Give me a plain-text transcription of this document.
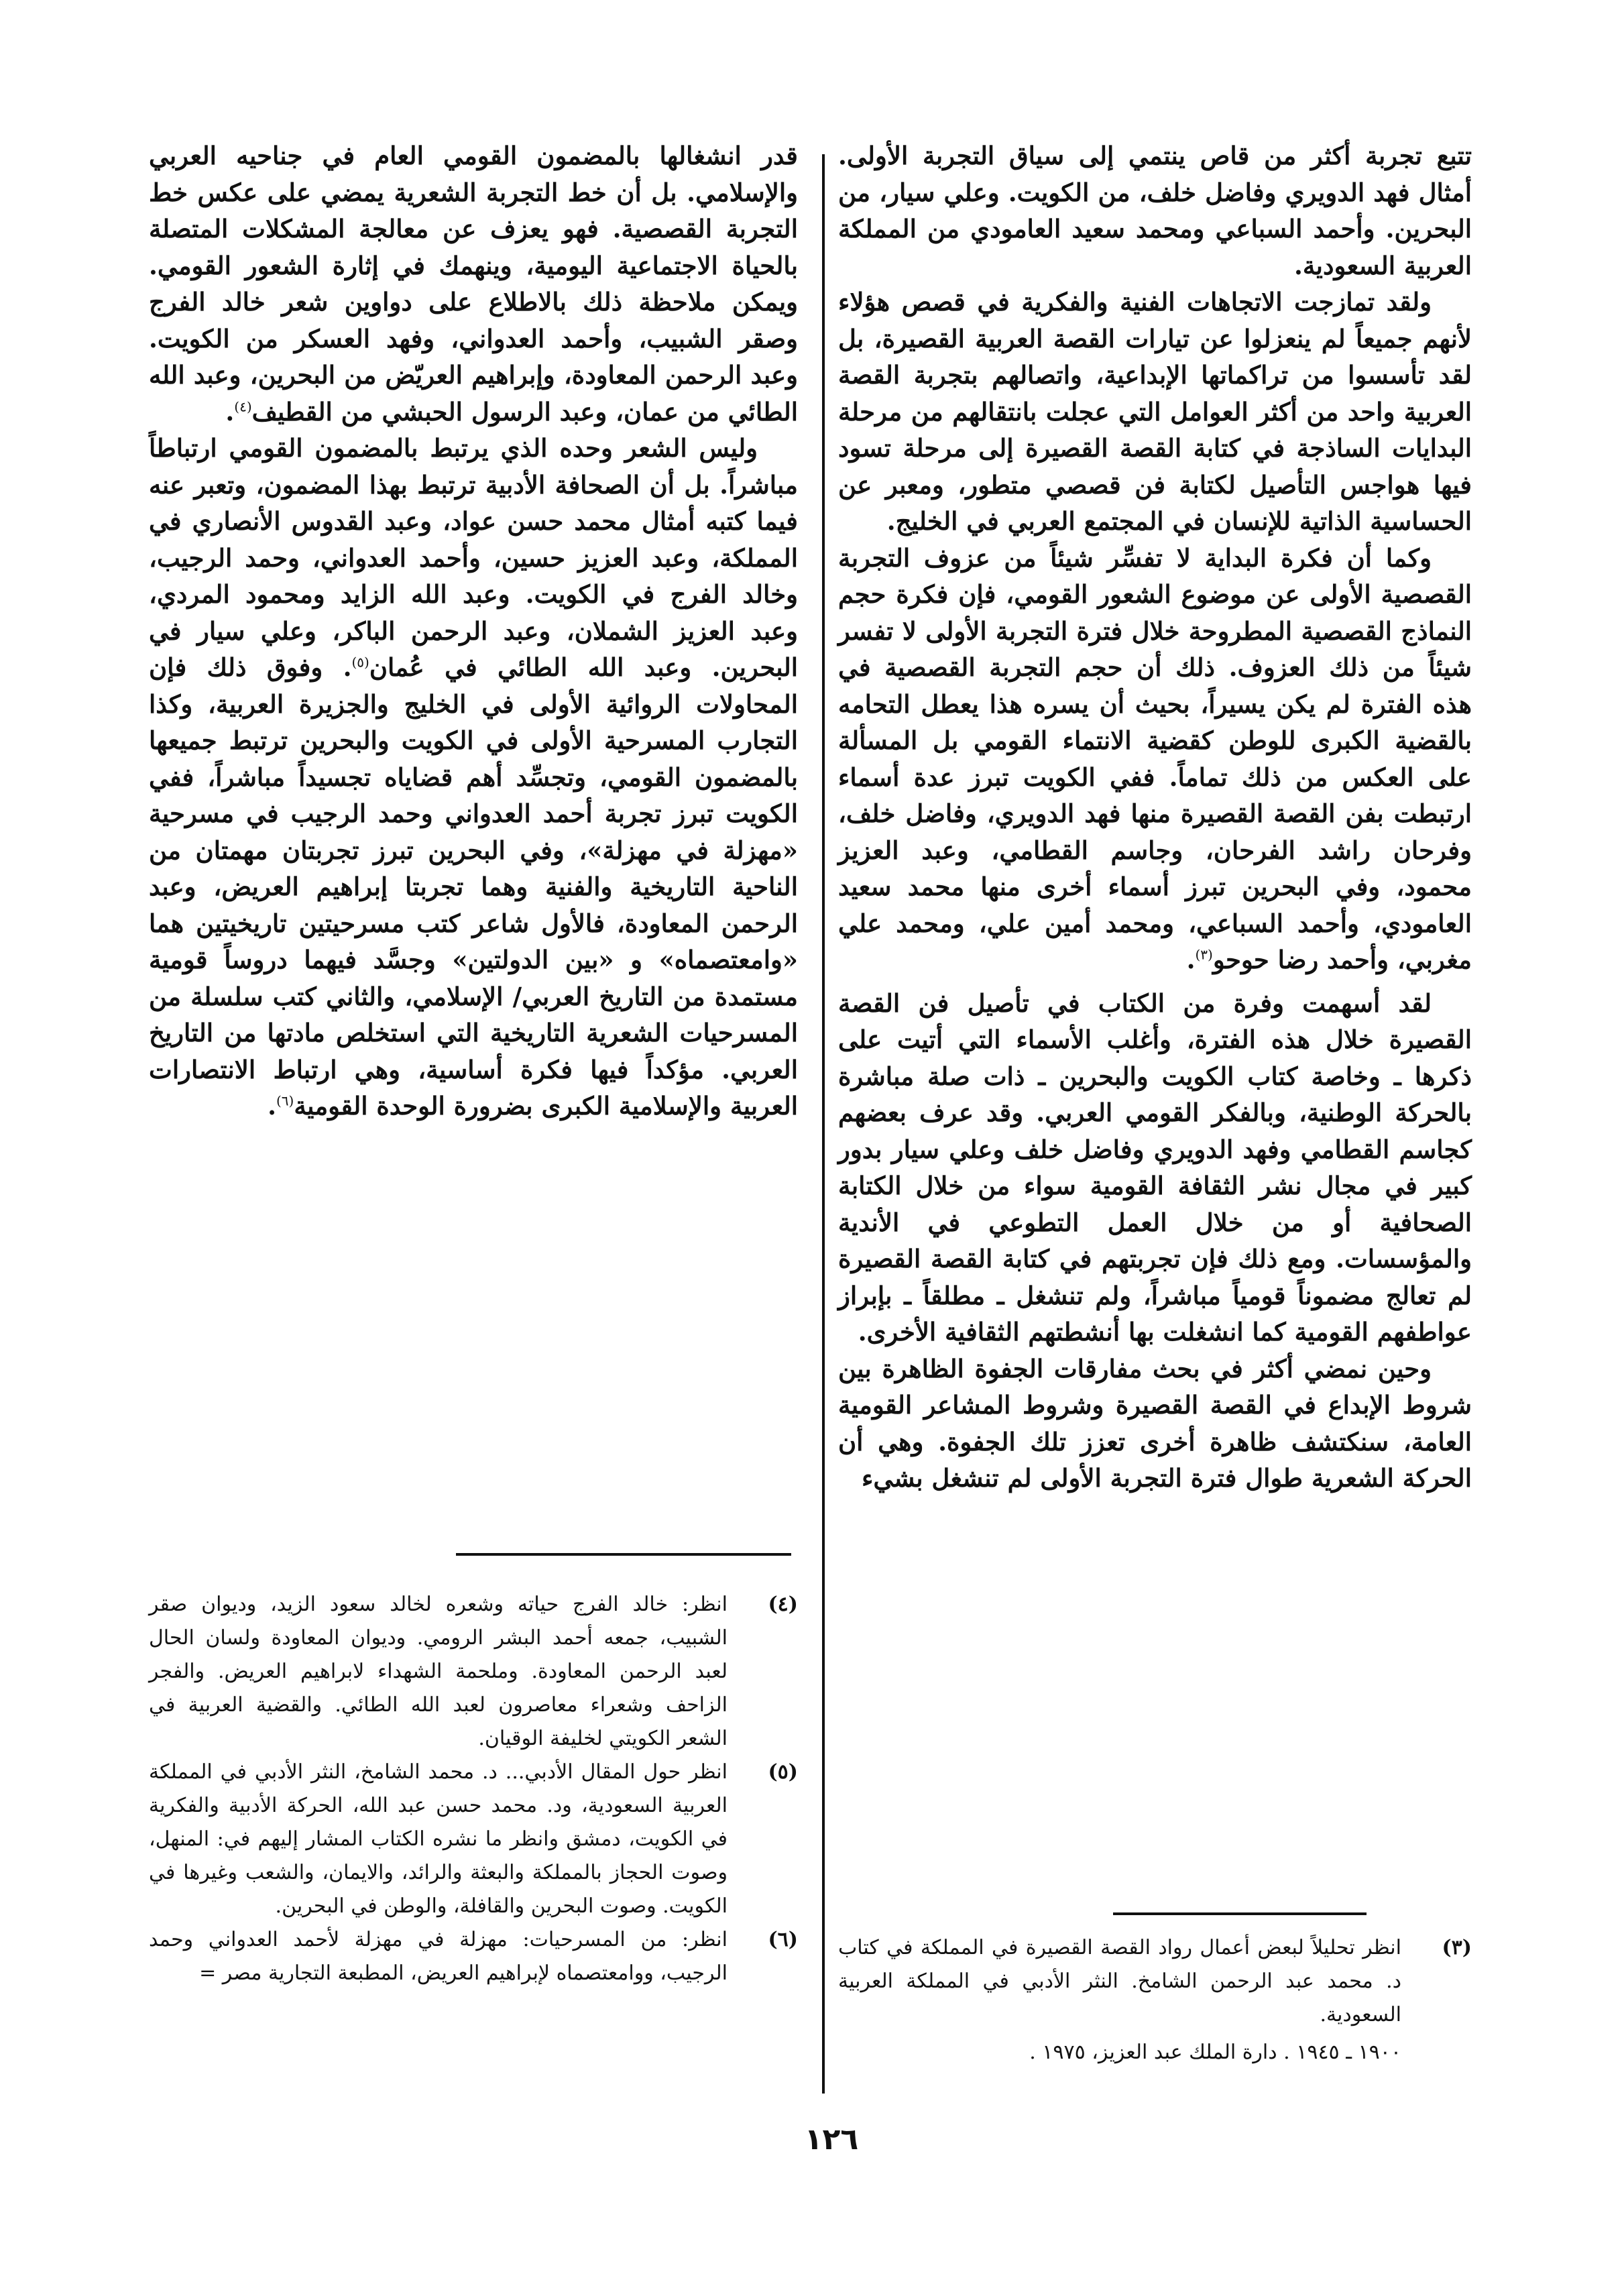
تتبع تجربة أكثر من قاص ينتمي إلى سياق التجربة الأولى. أمثال فهد الدويري وفاضل خلف، من الكويت. وعلي سيار، من البحرين. وأحمد السباعي ومحمد سعيد العامودي من المملكة العربية السعودية.

ولقد تمازجت الاتجاهات الفنية والفكرية في قصص هؤلاء لأنهم جميعاً لم ينعزلوا عن تيارات القصة العربية القصيرة، بل لقد تأسسوا من تراكماتها الإبداعية، واتصالهم بتجربة القصة العربية واحد من أكثر العوامل التي عجلت بانتقالهم من مرحلة البدايات الساذجة في كتابة القصة القصيرة إلى مرحلة تسود فيها هواجس التأصيل لكتابة فن قصصي متطور، ومعبر عن الحساسية الذاتية للإنسان في المجتمع العربي في الخليج.

وكما أن فكرة البداية لا تفسِّر شيئاً من عزوف التجربة القصصية الأولى عن موضوع الشعور القومي، فإن فكرة حجم النماذج القصصية المطروحة خلال فترة التجربة الأولى لا تفسر شيئاً من ذلك العزوف. ذلك أن حجم التجربة القصصية في هذه الفترة لم يكن يسيراً، بحيث أن يسره هذا يعطل التحامه بالقضية الكبرى للوطن كقضية الانتماء القومي بل المسألة على العكس من ذلك تماماً. ففي الكويت تبرز عدة أسماء ارتبطت بفن القصة القصيرة منها فهد الدويري، وفاضل خلف، وفرحان راشد الفرحان، وجاسم القطامي، وعبد العزيز محمود، وفي البحرين تبرز أسماء أخرى منها محمد سعيد العامودي، وأحمد السباعي، ومحمد أمين علي، ومحمد علي مغربي، وأحمد رضا حوحو$^{(٣)}$.

لقد أسهمت وفرة من الكتاب في تأصيل فن القصة القصيرة خلال هذه الفترة، وأغلب الأسماء التي أتيت على ذكرها ـ وخاصة كتاب الكويت والبحرين ـ ذات صلة مباشرة بالحركة الوطنية، وبالفكر القومي العربي. وقد عرف بعضهم كجاسم القطامي وفهد الدويري وفاضل خلف وعلي سيار بدور كبير في مجال نشر الثقافة القومية سواء من خلال الكتابة الصحافية أو من خلال العمل التطوعي في الأندية والمؤسسات. ومع ذلك فإن تجربتهم في كتابة القصة القصيرة لم تعالج مضموناً قومياً مباشراً، ولم تنشغل ـ مطلقاً ـ بإبراز عواطفهم القومية كما انشغلت بها أنشطتهم الثقافية الأخرى.

وحين نمضي أكثر في بحث مفارقات الجفوة الظاهرة بين شروط الإبداع في القصة القصيرة وشروط المشاعر القومية العامة، سنكتشف ظاهرة أخرى تعزز تلك الجفوة. وهي أن الحركة الشعرية طوال فترة التجربة الأولى لم تنشغل بشيء

(٣)
انظر تحليلاً لبعض أعمال رواد القصة القصيرة في المملكة في كتاب د. محمد عبد الرحمن الشامخ. النثر الأدبي في المملكة العربية السعودية.
١٩٠٠ ـ ١٩٤٥ . دارة الملك عبد العزيز، ١٩٧٥ .

قدر انشغالها بالمضمون القومي العام في جناحيه العربي والإسلامي. بل أن خط التجربة الشعرية يمضي على عكس خط التجربة القصصية. فهو يعزف عن معالجة المشكلات المتصلة بالحياة الاجتماعية اليومية، وينهمك في إثارة الشعور القومي. ويمكن ملاحظة ذلك بالاطلاع على دواوين شعر خالد الفرج وصقر الشبيب، وأحمد العدواني، وفهد العسكر من الكويت. وعبد الرحمن المعاودة، وإبراهيم العريّض من البحرين، وعبد الله الطائي من عمان، وعبد الرسول الحبشي من القطيف$^{(٤)}$.

وليس الشعر وحده الذي يرتبط بالمضمون القومي ارتباطاً مباشراً. بل أن الصحافة الأدبية ترتبط بهذا المضمون، وتعبر عنه فيما كتبه أمثال محمد حسن عواد، وعبد القدوس الأنصاري في المملكة، وعبد العزيز حسين، وأحمد العدواني، وحمد الرجيب، وخالد الفرج في الكويت. وعبد الله الزايد ومحمود المردي، وعبد العزيز الشملان، وعبد الرحمن الباكر، وعلي سيار في البحرين. وعبد الله الطائي في عُمان$^{(٥)}$. وفوق ذلك فإن المحاولات الروائية الأولى في الخليج والجزيرة العربية، وكذا التجارب المسرحية الأولى في الكويت والبحرين ترتبط جميعها بالمضمون القومي، وتجسِّد أهم قضاياه تجسيداً مباشراً، ففي الكويت تبرز تجربة أحمد العدواني وحمد الرجيب في مسرحية «مهزلة في مهزلة»، وفي البحرين تبرز تجربتان مهمتان من الناحية التاريخية والفنية وهما تجربتا إبراهيم العريض، وعبد الرحمن المعاودة، فالأول شاعر كتب مسرحيتين تاريخيتين هما «وامعتصماه» و «بين الدولتين» وجسَّد فيهما دروساً قومية مستمدة من التاريخ العربي/ الإسلامي، والثاني كتب سلسلة من المسرحيات الشعرية التاريخية التي استخلص مادتها من التاريخ العربي. مؤكداً فيها فكرة أساسية، وهي ارتباط الانتصارات العربية والإسلامية الكبرى بضرورة الوحدة القومية$^{(٦)}$.

(٤)
انظر: خالد الفرج حياته وشعره لخالد سعود الزيد، وديوان صقر الشبيب، جمعه أحمد البشر الرومي. وديوان المعاودة ولسان الحال لعبد الرحمن المعاودة. وملحمة الشهداء لابراهيم العريض. والفجر الزاحف وشعراء معاصرون لعبد الله الطائي. والقضية العربية في الشعر الكويتي لخليفة الوقيان.
(٥)
انظر حول المقال الأدبي... د. محمد الشامخ، النثر الأدبي في المملكة العربية السعودية، ود. محمد حسن عبد الله، الحركة الأدبية والفكرية في الكويت، دمشق وانظر ما نشره الكتاب المشار إليهم في: المنهل، وصوت الحجاز بالمملكة والبعثة والرائد، والايمان، والشعب وغيرها في الكويت. وصوت البحرين والقافلة، والوطن في البحرين.
(٦)
انظر: من المسرحيات: مهزلة في مهزلة لأحمد العدواني وحمد الرجيب، ووامعتصماه لإبراهيم العريض، المطبعة التجارية مصر =
١٢٦
